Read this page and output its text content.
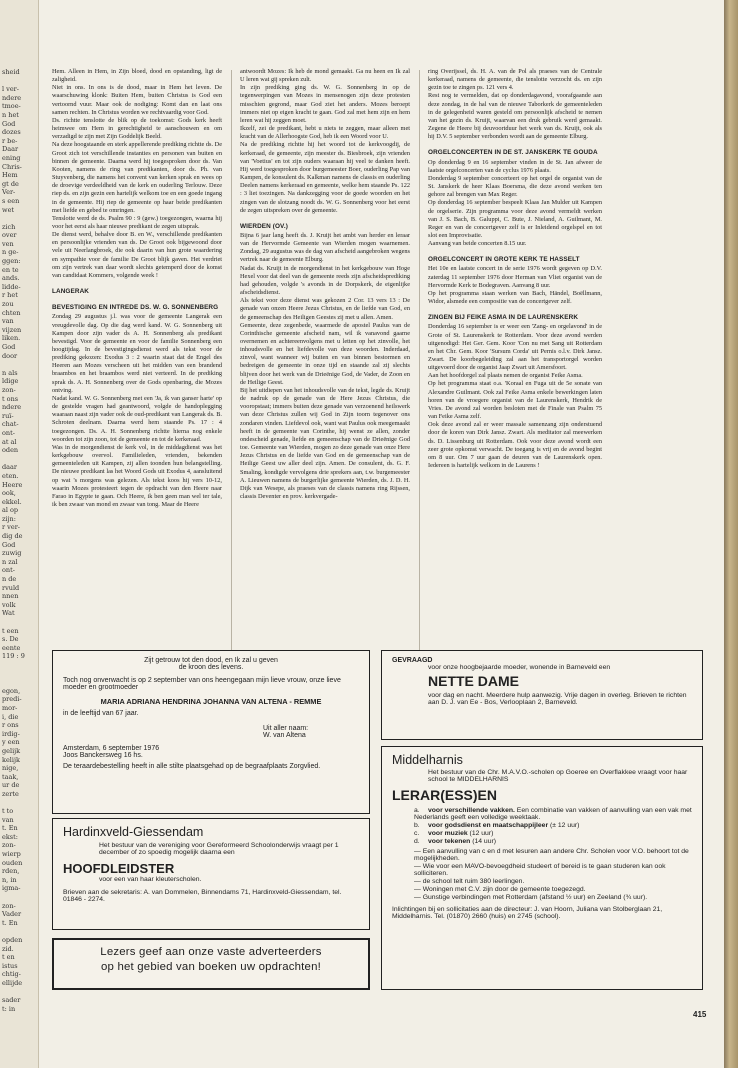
sheid

l ver-
ndere
tmoe-
n het
God
dozes
r be-
Daar
ening
Chris-
Hem
gt de
Ver-
s een
wet

zich
over
ven
n ge-
ggen:
en te
ands.
lidde-
r het
zou
chten
van
vijzen
liken.
God
door

n als
ldige
zon-
t ons
ndere
ruï-
chat-
ont-
at al
oden

daar
eten.
Heere
ook,
ekkel.
al op
zijn:
r ver-
dig de
God
zuwig
n zal
ont-
n de
rvuld
nnen
volk
Wat

t een
s. De
eente
119 : 9

egon,
predi-
mor-
i, die
r ons
irdig-
y een
gelijk
kelijk
nige,
taak,
ur de
zerte

t to
van
t. En
ekst:
zon-
wierp
ouden
rden,
n, in
igma-

zon-
Vader
t. En

opden
zid.
t en
istus
chtig-
ellijde

sader
t: in

Hem. Alleen in Hem, in Zijn bloed, dood en opstanding, ligt de zaligheid.

Niet in ons. In ons is de dood, maar in Hem het leven. De waarschuwing klonk: Buiten Hem, buiten Christus is God een vertoornd vuur. Maar ook de nodiging: Komt dan en laat ons samen rechten. In Christus worden we rechtvaardig voor God.

Ds. richtte tenslotte de blik op de toekomst: Gods kerk heeft heimwee om Hem in gerechtigheid te aanschouwen en om verzadigd te zijn met Zijn Goddelijk Beeld.

Na deze hoogstaande en sterk appellerende prediking richtte ds. De Groot zich tot verschillende instanties en personen van buiten en binnen de gemeente. Daarna werd hij toegesproken door ds. Van Kooten, namens de ring van predikanten, door ds. Ph. van Stuyvenberg, die namens het convent van kerken sprak en wees op de droevige verdeeldheid van de kerk en ouderling Terlouw. Deze riep ds. en zijn gezin een hartelijk welkom toe en een goede ingang in de gemeente. Hij riep de gemeente op haar beide predikanten met liefde en gebed te omringen.

Tenslotte werd de ds. Psalm 90 : 9 (gew.) toegezongen, waarna hij voor het eerst als haar nieuwe predikant de zegen uitsprak.

De dienst werd, behalve door B. en W., verschillende predikanten en persoonlijke vrienden van ds. De Groot ook bijgewoond door vele uit Neerlangbroek, die ook daarin van hun grote waardering en sympathie voor de familie De Groot blijk gaven. Het verdriet om zijn vertrek van daar wordt slechts getemperd door de komst van candidaat Kommers, volgende week !

LANGERAK
BEVESTIGING EN INTREDE DS. W. G. SONNENBERG

Zondag 29 augustus j.l. was voor de gemeente Langerak een vreugdevolle dag. Op die dag werd kand. W. G. Sonnenberg uit Kampen door zijn vader ds A. H. Sonnenberg als predikant bevestigd. Voor de gemeente en voor de familie Sonnenberg een hoogtijdag. In de bevestigingsdienst werd als tekst voor de prediking gekozen: Exodus 3 : 2 waarin staat dat de Engel des Heeren aan Mozes verscheen uit het midden van een brandend braambos en het braambos werd niet verteerd. In de prediking sprak ds. A. H. Sonnenberg over de Gods openbaring, die Mozes ontving.

Nadat kand. W. G. Sonnenberg met een 'Ja, ik van ganser harte' op de gestelde vragen had geantwoord, volgde de handoplegging waaraan naast zijn vader ook de oud-predikant van Langerak ds. B. Schroten deelnam. Daarna werd hem staande Ps. 17 : 4 toegezongen. Ds. A. H. Sonnenberg richtte hierna nog enkele woorden tot zijn zoon, tot de gemeente en tot de kerkeraad.

Was in de morgendienst de kerk vol, in de middagdienst was het kerkgebouw overvol. Familieleden, vrienden, bekenden gemeenteleden uit Kampen, zij allen toonden hun belangstelling. De nieuwe predikant las het Woord Gods uit Exodus 4, aansluitend op wat 's morgens was gelezen. Als tekst koos hij vers 10-12, waarin Mozes protesteert tegen de opdracht van den Heere naar Farao in Egypte te gaan. Och Heere, ik ben geen man wel ter tale, ik ben zwaar van mond en zwaar van tong. Maar de Heere

antwoordt Mozes: Ik heb de mond gemaakt. Ga nu heen en Ik zal U leren wat gij spreken zult.

In zijn prediking ging ds. W. G. Sonnenberg in op de tegenwerpingen van Mozes in mensenogen zijn deze protesten misschien gegrond, maar God ziet het anders. Mozes beroept immers niet op eigen kracht te gaan. God zal met hem zijn en hem leren wat hij zeggen moet.

Ikzelf, zei de predikant, hebt u niets te zeggen, maar alleen met kracht van de Allerhoogste God, heb ik een Woord voor U.

Na de prediking richtte hij het woord tot de kerkvoogdij, de kerkeraad, de gemeente, zijn meester ds. Biesbroek, zijn vrienden van 'Voetius' en tot zijn ouders waaraan hij veel te danken heeft. Hij werd toegesproken door burgemeester Boer, ouderling Pap van Kampen, de konsulent ds. Kalkman namens de classis en ouderling Deelen namens kerkeraad en gemeente, welke hem staande Ps. 122 : 3 liet toezingen. Na dankzegging voor de goede woorden en het zingen van de slotzang noodt ds. W. G. Sonnenberg voor het eerst de zegen uitspreken over de gemeente.

WIERDEN (OV.)

Bijna 6 jaar lang heeft ds. J. Kruijt het ambt van herder en leraar van de Hervormde Gemeente van Wierden mogen waarnemen. Zondag, 29 augustus was de dag van afscheid aangebroken wegens vertrek naar de gemeente Elburg.

Nadat ds. Kruijt in de morgendienst in het kerkgebouw van Hoge Hexel voor dat deel van de gemeente reeds zijn afscheidsprediking had gehouden, volgde 's avonds in de Dorpskerk, de eigenlijke afscheidsdienst.

Als tekst voor deze dienst was gekozen 2 Cor. 13 vers 13 : De genade van onzen Heere Jezus Christus, en de liefde van God, en de gemeenschap des Heiligen Geestes zij met u allen. Amen.

Gemeente, deze zegenbede, waarmede de apostel Paulus van de Corinthische gemeente afscheid nam, wil ik vanavond gaarne overnemen en achtereenvolgens met u letten op het zinvolle, het inhoudsvolle en het liefdevolle van deze woorden. Inderdaad, zinvol, want wanneer wij buiten en van binnen bestormen en bedreigen de gemeente in onze tijd en staande zal zij slechts blijven door het werk van de Drieënige God, de Vader, de Zoon en de Heilige Geest.

Bij het uitdiepen van het inhoudsvolle van de tekst, legde ds. Kruijt de nadruk op de genade van de Here Jezus Christus, die vooropstaat; immers buiten deze genade van verzoenend heilswerk van deze Christus zullen wij God in Zijn toorn tegenover ons zondaren vinden. Liefdevol ook, want wat Paulus ook meegemaakt heeft in de gemeente van Corinthe, hij wenst ze allen, zonder ondescheid genade, liefde en gemeenschap van de Drieënige God toe. Gemeente van Wierden, mogen zo deze genade van onze Here Jezus Christus en de liefde van God en de gemeenschap van de Heilige Geest uw aller deel zijn. Amen. De consulent, ds. G. F. Smaling, kondigde vervolgens drie sprekers aan, t.w. burgemeester A. Lieuwen namens de burgerlijke gemeente Wierden, ds. J. D. H. Dijk van Wesepe, als praeses van de classis namens ring Rijssen, classis Deventer en prov. kerkvergade-

ring Overijssel, ds. H. A. van de Pol als praeses van de Centrale kerkeraad, namens de gemeente, die tenslotte verzocht ds. en zijn gezin toe te zingen ps. 121 vers 4.

Rest nog te vermelden, dat op donderdagavond, voorafgaande aan deze zondag, in de hal van de nieuwe Taborkerk de gemeenteleden in de gelegenheid waren gesteld om persoonlijk afscheid te nemen van het gezin ds. Kruijt, waarvan een druk gebruik werd gemaakt. Zegene de Heere bij deuvoortduur het werk van ds. Kruijt, ook als hij D.V. 5 september verbonden wordt aan de gemeente Elburg.

ORGELCONCERTEN IN DE ST. JANSKERK TE GOUDA

Op donderdag 9 en 16 september vinden in de St. Jan afweer de laatste orgelconcerten van de cyclus 1976 plaats.

Donderdag 9 september concerteert op het orgel de organist van de St. Janskerk de heer Klaas Boersma, die deze avond werken ten gehore zal brengen van Max Reger.

Op donderdag 16 september bespeelt Klaas Jan Mulder uit Kampen de orgelserie. Zijn programma voor deze avond vermeldt werken van J. S. Bach, B. Galuppi, C. Bute, J. Nieland, A. Guilmant, M. Reger en van de concertgever zelf is er Inleidend orgelspel en tot slot een Improvisatie.

Aanvang van beide concerten 8.15 uur.

ORGELCONCERT IN GROTE KERK TE HASSELT

Het 10e en laatste concert in de serie 1976 wordt gegeven op D.V. zaterdag 11 september 1976 door Herman van Vliet organist van de Hervormde Kerk te Bodegraven. Aanvang 8 uur.

Op het programma staan werken van Bach, Händel, Boëllmann, Widor, alsmede een compositie van de concertgever zelf.

ZINGEN BIJ FEIKE ASMA IN DE LAURENSKERK

Donderdag 16 september is er weer een 'Zang- en orgelavond' in de Grote of St. Laurenskerk te Rotterdam. Voor deze avond werden uitgenodigd: Het Ger. Gem. Koor 'Con nu met Sang uit Rotterdam en het Chr. Gem. Koor 'Sursum Corda' uit Pernis o.l.v. Dirk Jansz. Zwart. De koorbegeleiding zal aan het transportorgel worden uitgevoerd door de organist Jaap Zwart uit Amersfoort.

Aan het hoofdorgel zal plaats nemen de organist Feike Asma.

Op het programma staat o.a. 'Koraal en Fuga uit de 5e sonate van Alexandre Guilmant. Ook zal Feike Asma enkele bewerkingen laten horen van de vroegere organist van de Laurenskerk, Hendrik de Vries. De avond zal worden besloten met de Finale van Psalm 75 van Feike Asma zelf.

Ook deze avond zal er weer massale samenzang zijn onderstuend door de koren van Dirk Jansz. Zwart. Als meditator zal meewerken ds. D. Lissenburg uit Rotterdam. Ook voor deze avond wordt een zeer grote opkomst verwacht. De toegang is vrij en de avond begint om 8 uur. Om 7 uur gaan de deuren van de Laurenskerk open. Iedereen is hartelijk welkom in de Laurens !

Zijt getrouw tot den dood, en Ik zal u geven
de kroon des levens.
Toch nog onverwacht is op 2 september van ons heengegaan mijn lieve vrouw, onze lieve moeder en grootmoeder
MARIA ADRIANA HENDRINA JOHANNA VAN ALTENA - REMME
in de leeftijd van 67 jaar.
Uit aller naam:
W. van Altena
Amsterdam, 6 september 1976
Joos Banckersweg 16 hs.
De teraardebestelling heeft in alle stilte plaatsgehad op de begraafplaats Zorgvlied.
Hardinxveld-Giessendam
Het bestuur van de vereniging voor Gereformeerd Schoolonderwijs vraagt per 1 december of zo spoedig mogelijk daarna een
HOOFDLEIDSTER
voor een van haar kleuterscholen.
Brieven aan de sekretaris: A. van Dommelen, Binnendams 71, Hardinxveld-Giessendam, tel. 01846 - 2274.
Lezers geef aan onze vaste adverteerders
op het gebied van boeken uw opdrachten!
GEVRAAGD
voor onze hoogbejaarde moeder, wonende in Barneveld een
NETTE DAME
voor dag en nacht. Meerdere hulp aanwezig. Vrije dagen in overleg. Brieven te richten aan D. J. van Ee - Bos, Verlooplaan 2, Barneveld.
Middelharnis
Het bestuur van de Chr. M.A.V.O.-scholen op Goeree en Overflakkee vraagt voor haar school te MIDDELHARNIS
LERAR(ESS)EN
a.voor verschillende vakken. Een combinatie van vakken of aanvulling van een vak met Nederlands geeft een volledige weektaak.
b.voor godsdienst en maatschappijleer (± 12 uur)
c.voor muziek (12 uur)
d.voor tekenen (14 uur)
— Een aanvulling van c en d met lesuren aan andere Chr. Scholen voor V.O. behoort tot de mogelijkheden.
— Wie voor een MAVO-bevoegdheid studeert of bereid is te gaan studeren kan ook solliciteren.
— de school telt ruim 380 leerlingen.
— Woningen met C.V. zijn door de gemeente toegezegd.
— Gunstige verbindingen met Rotterdam (afstand ½ uur) en Zeeland (¾ uur).
Inlichtingen bij en sollicitaties aan de directeur: J. van Hoorn, Juliana van Stolberglaan 21, Middelharnis. Tel. (01870) 2660 (huis) en 2745 (school).
415
